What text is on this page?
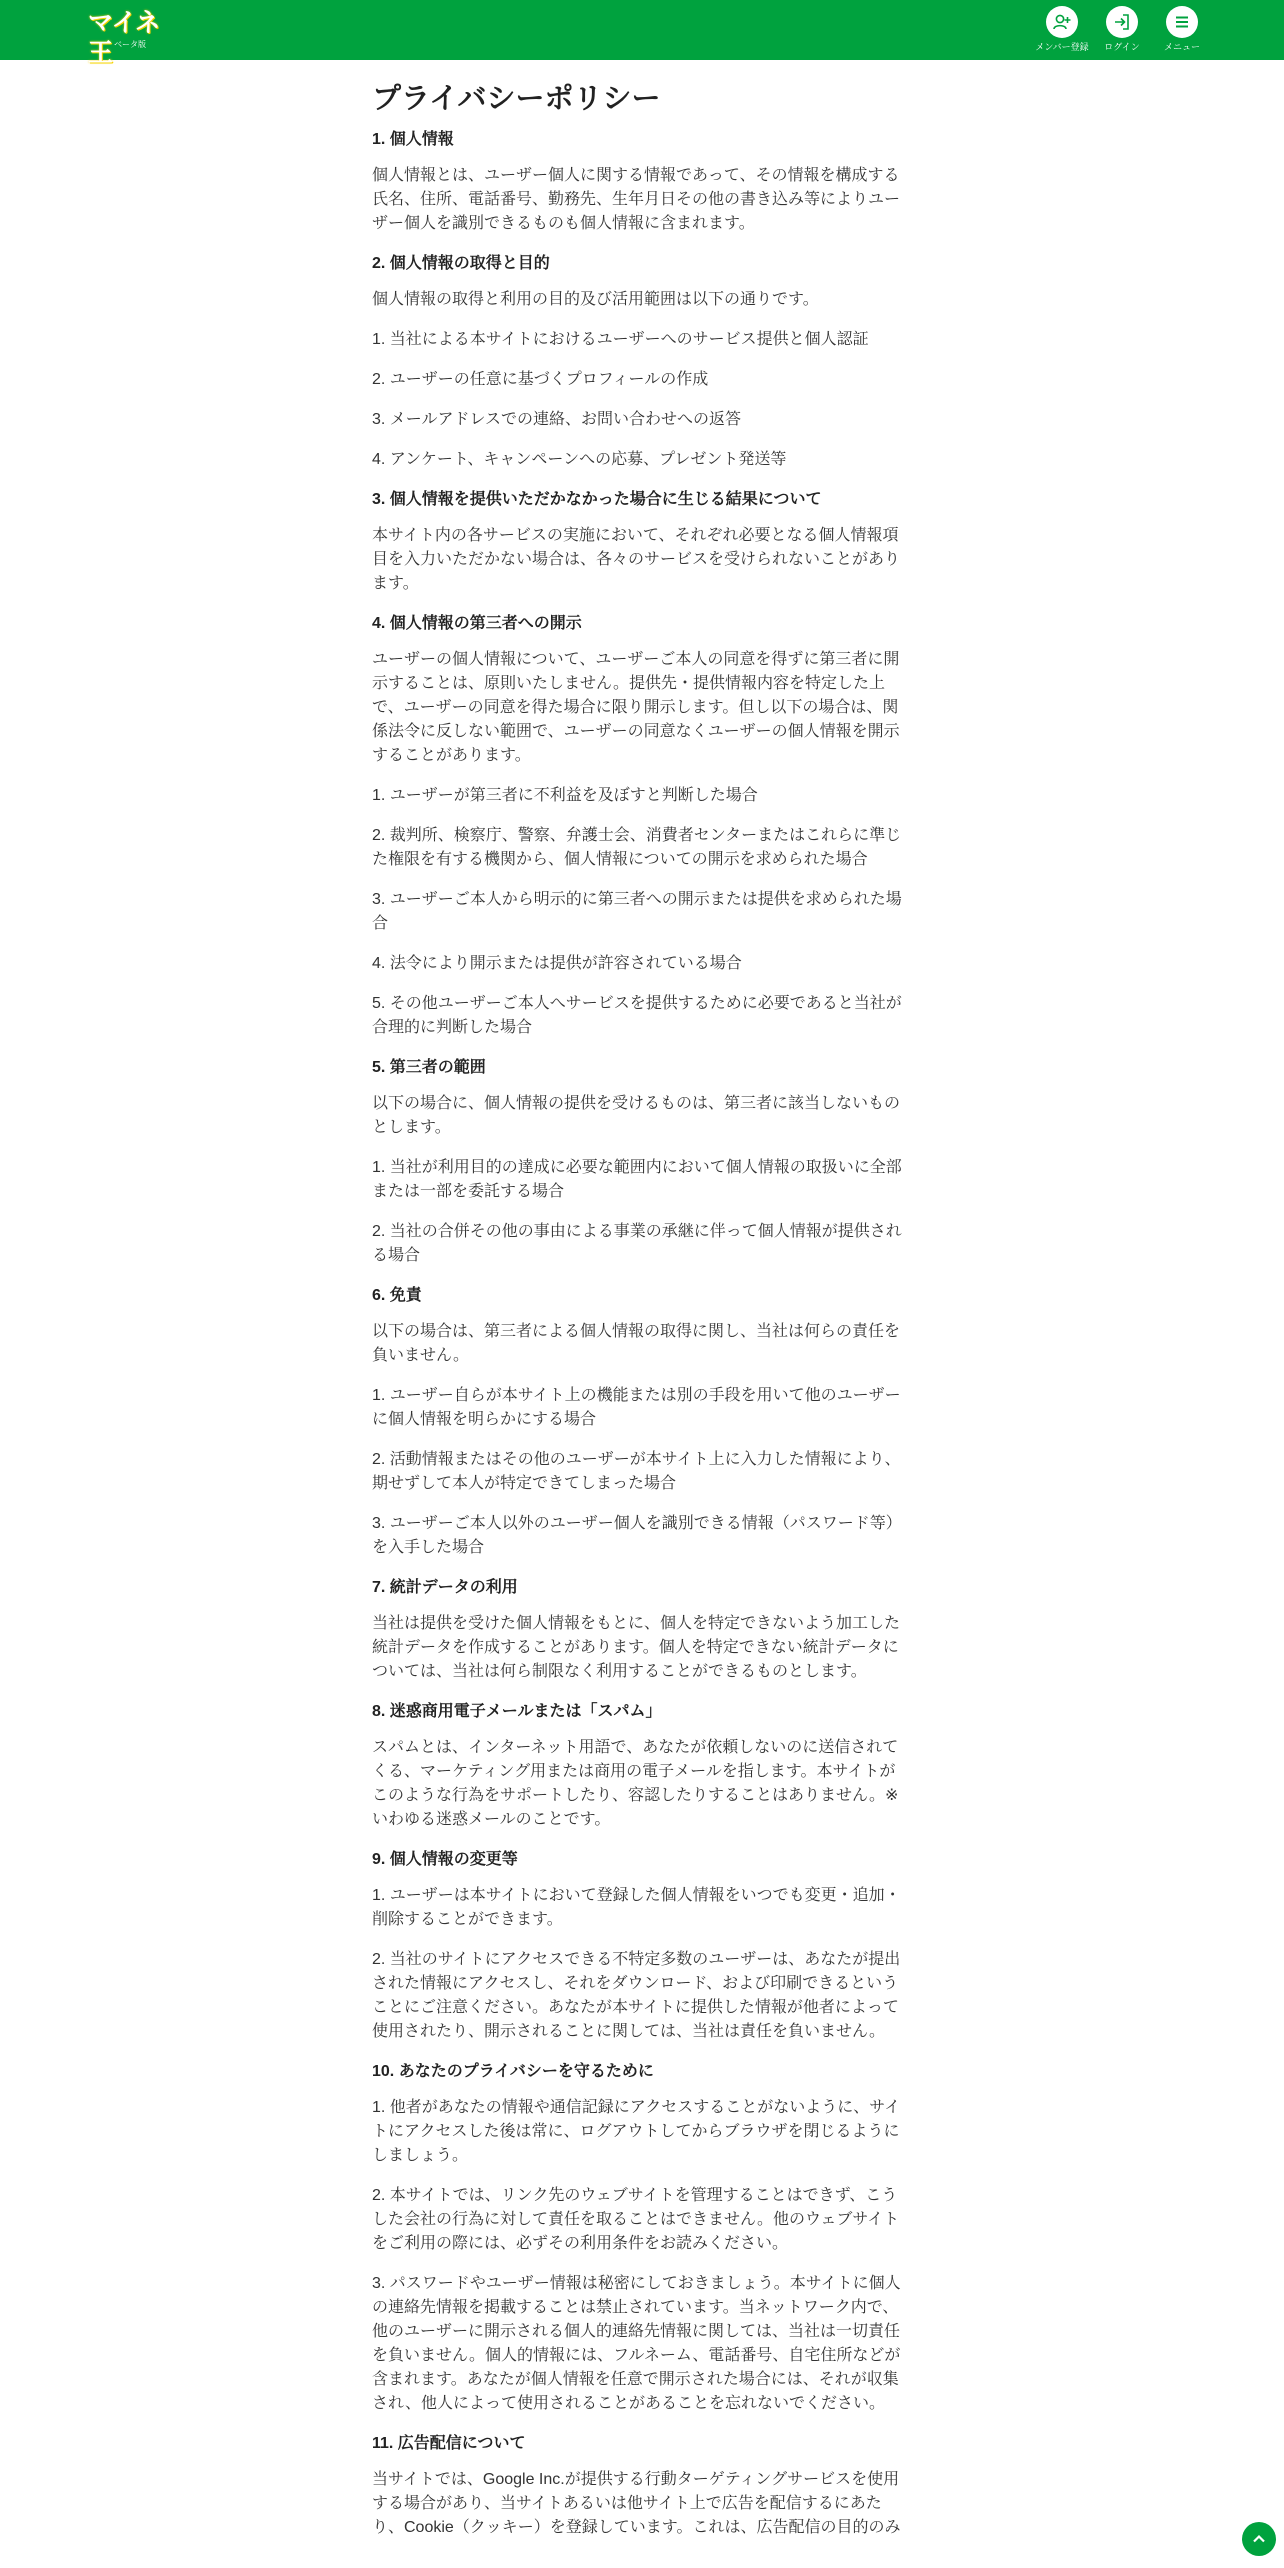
マイネ王 ベータ版	メンバー登録	ログイン	メニュー
プライバシーポリシー
1. 個人情報

個人情報とは、ユーザー個人に関する情報であって、その情報を構成する氏名、住所、電話番号、勤務先、生年月日その他の書き込み等によりユーザー個人を識別できるものも個人情報に含まれます。

2. 個人情報の取得と目的

個人情報の取得と利用の目的及び活用範囲は以下の通りです。

1. 当社による本サイトにおけるユーザーへのサービス提供と個人認証

2. ユーザーの任意に基づくプロフィールの作成

3. メールアドレスでの連絡、お問い合わせへの返答

4. アンケート、キャンペーンへの応募、プレゼント発送等

3. 個人情報を提供いただかなかった場合に生じる結果について

本サイト内の各サービスの実施において、それぞれ必要となる個人情報項目を入力いただかない場合は、各々のサービスを受けられないことがあります。

4. 個人情報の第三者への開示

ユーザーの個人情報について、ユーザーご本人の同意を得ずに第三者に開示することは、原則いたしません。提供先・提供情報内容を特定した上で、ユーザーの同意を得た場合に限り開示します。但し以下の場合は、関係法令に反しない範囲で、ユーザーの同意なくユーザーの個人情報を開示することがあります。

1. ユーザーが第三者に不利益を及ぼすと判断した場合

2. 裁判所、検察庁、警察、弁護士会、消費者センターまたはこれらに準じた権限を有する機関から、個人情報についての開示を求められた場合

3. ユーザーご本人から明示的に第三者への開示または提供を求められた場合

4. 法令により開示または提供が許容されている場合

5. その他ユーザーご本人へサービスを提供するために必要であると当社が合理的に判断した場合

5. 第三者の範囲

以下の場合に、個人情報の提供を受けるものは、第三者に該当しないものとします。

1. 当社が利用目的の達成に必要な範囲内において個人情報の取扱いに全部または一部を委託する場合

2. 当社の合併その他の事由による事業の承継に伴って個人情報が提供される場合

6. 免責

以下の場合は、第三者による個人情報の取得に関し、当社は何らの責任を負いません。

1. ユーザー自らが本サイト上の機能または別の手段を用いて他のユーザーに個人情報を明らかにする場合

2. 活動情報またはその他のユーザーが本サイト上に入力した情報により、期せずして本人が特定できてしまった場合

3. ユーザーご本人以外のユーザー個人を識別できる情報（パスワード等）を入手した場合

7. 統計データの利用

当社は提供を受けた個人情報をもとに、個人を特定できないよう加工した統計データを作成することがあります。個人を特定できない統計データについては、当社は何ら制限なく利用することができるものとします。

8. 迷惑商用電子メールまたは「スパム」

スパムとは、インターネット用語で、あなたが依頼しないのに送信されてくる、マーケティング用または商用の電子メールを指します。本サイトがこのような行為をサポートしたり、容認したりすることはありません。※いわゆる迷惑メールのことです。

9. 個人情報の変更等

1. ユーザーは本サイトにおいて登録した個人情報をいつでも変更・追加・削除することができます。

2. 当社のサイトにアクセスできる不特定多数のユーザーは、あなたが提出された情報にアクセスし、それをダウンロード、および印刷できるということにご注意ください。あなたが本サイトに提供した情報が他者によって使用されたり、開示されることに関しては、当社は責任を負いません。

10. あなたのプライバシーを守るために

1. 他者があなたの情報や通信記録にアクセスすることがないように、サイトにアクセスした後は常に、ログアウトしてからブラウザを閉じるようにしましょう。

2. 本サイトでは、リンク先のウェブサイトを管理することはできず、こうした会社の行為に対して責任を取ることはできません。他のウェブサイトをご利用の際には、必ずその利用条件をお読みください。

3. パスワードやユーザー情報は秘密にしておきましょう。本サイトに個人の連絡先情報を掲載することは禁止されています。当ネットワーク内で、他のユーザーに開示される個人的連絡先情報に関しては、当社は一切責任を負いません。個人的情報には、フルネーム、電話番号、自宅住所などが含まれます。あなたが個人情報を任意で開示された場合には、それが収集され、他人によって使用されることがあることを忘れないでください。

11. 広告配信について

当サイトでは、Google Inc.が提供する行動ターゲティングサービスを使用する場合があり、当サイトあるいは他サイト上で広告を配信するにあたり、Cookie（クッキー）を登録しています。これは、広告配信の目的のみ
